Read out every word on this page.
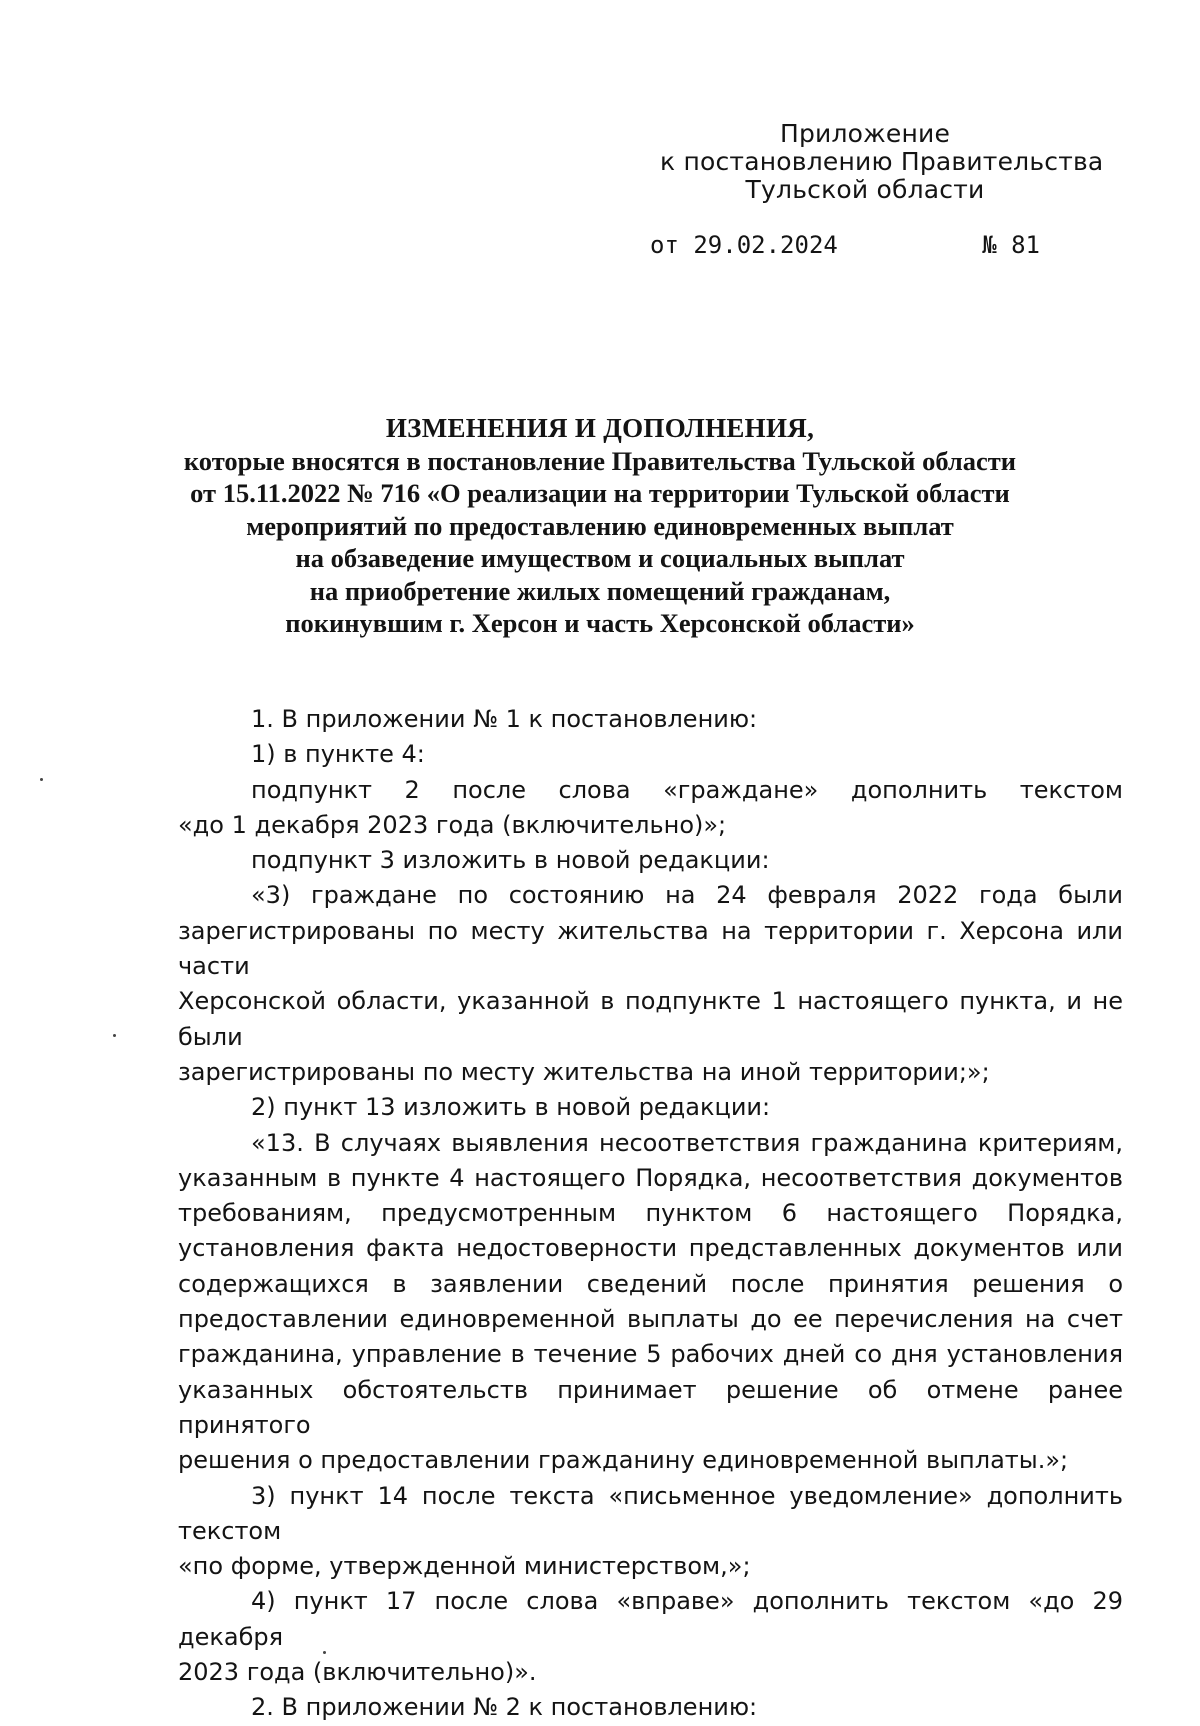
Приложение
к постановлению Правительства
Тульской области
от 29.02.2024	№ 81
ИЗМЕНЕНИЯ И ДОПОЛНЕНИЯ,
которые вносятся в постановление Правительства Тульской области
от 15.11.2022 № 716 «О реализации на территории Тульской области
мероприятий по предоставлению единовременных выплат
на обзаведение имуществом и социальных выплат
на приобретение жилых помещений гражданам,
покинувшим г. Херсон и часть Херсонской области»

1. В приложении № 1 к постановлению:

1) в пункте 4:

подпункт 2 после слова «граждане» дополнить текстом
«до 1 декабря 2023 года (включительно)»;

подпункт 3 изложить в новой редакции:

«3) граждане по состоянию на 24 февраля 2022 года были
зарегистрированы по месту жительства на территории г. Херсона или части
Херсонской области, указанной в подпункте 1 настоящего пункта, и не были
зарегистрированы по месту жительства на иной территории;»;

2) пункт 13 изложить в новой редакции:

«13. В случаях выявления несоответствия гражданина критериям,
указанным в пункте 4 настоящего Порядка, несоответствия документов
требованиям, предусмотренным пунктом 6 настоящего Порядка,
установления факта недостоверности представленных документов или
содержащихся в заявлении сведений после принятия решения о
предоставлении единовременной выплаты до ее перечисления на счет
гражданина, управление в течение 5 рабочих дней со дня установления
указанных обстоятельств принимает решение об отмене ранее принятого
решения о предоставлении гражданину единовременной выплаты.»;
3) пункт 14 после текста «письменное уведомление» дополнить текстом
«по форме, утвержденной министерством,»;
4) пункт 17 после слова «вправе» дополнить текстом «до 29 декабря
2023 года (включительно)».

2. В приложении № 2 к постановлению:
